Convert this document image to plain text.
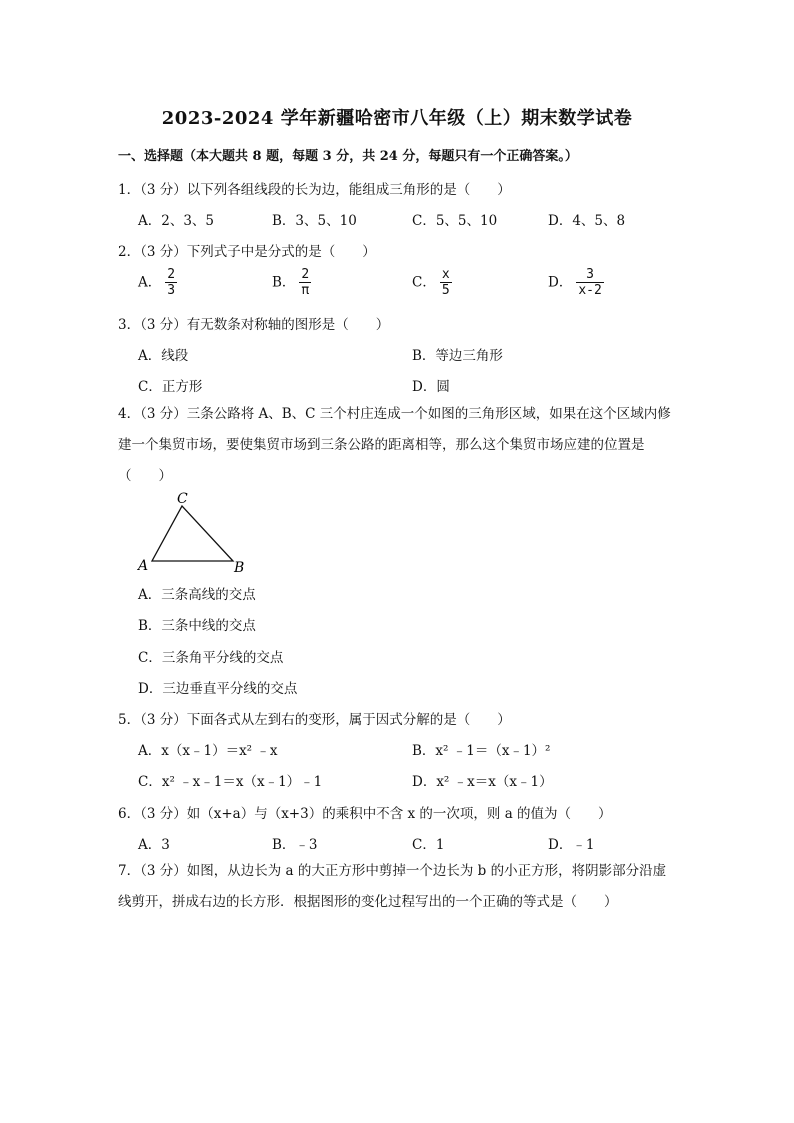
2023-2024 学年新疆哈密市八年级（上）期末数学试卷
一、选择题（本大题共 8 题，每题 3 分，共 24 分，每题只有一个正确答案。）
1．（3 分）以下列各组线段的长为边，能组成三角形的是（　　）
A．2、3、5	B．3、5、10	C．5、5、10	D．4、5、8
2．（3 分）下列式子中是分式的是（　　）
A． $\frac{2}{3}$	B． $\frac{2}{\pi}$	C． $\frac{x}{5}$	D． $\frac{3}{x-2}$
3．（3 分）有无数条对称轴的图形是（　　）
A．线段	B．等边三角形
C．正方形	D．圆
4．（3 分）三条公路将 A、B、C 三个村庄连成一个如图的三角形区域，如果在这个区域内修建一个集贸市场，要使集贸市场到三条公路的距离相等，那么这个集贸市场应建的位置是（　　）
A	B
C
A．三条高线的交点
B．三条中线的交点
C．三条角平分线的交点
D．三边垂直平分线的交点
5．（3 分）下面各式从左到右的变形，属于因式分解的是（　　）
A．x（x﹣1）＝x² ﹣x	B．x² ﹣1＝（x﹣1）²
C．x² ﹣x﹣1＝x（x﹣1）﹣1	D．x² ﹣x＝x（x﹣1）
6．（3 分）如（x+a）与（x+3）的乘积中不含 x 的一次项，则 a 的值为（　　）
A．3	B．﹣3	C．1	D．﹣1
7．（3 分）如图，从边长为 a 的大正方形中剪掉一个边长为 b 的小正方形，将阴影部分沿虚线剪开，拼成右边的长方形．根据图形的变化过程写出的一个正确的等式是（　　）
